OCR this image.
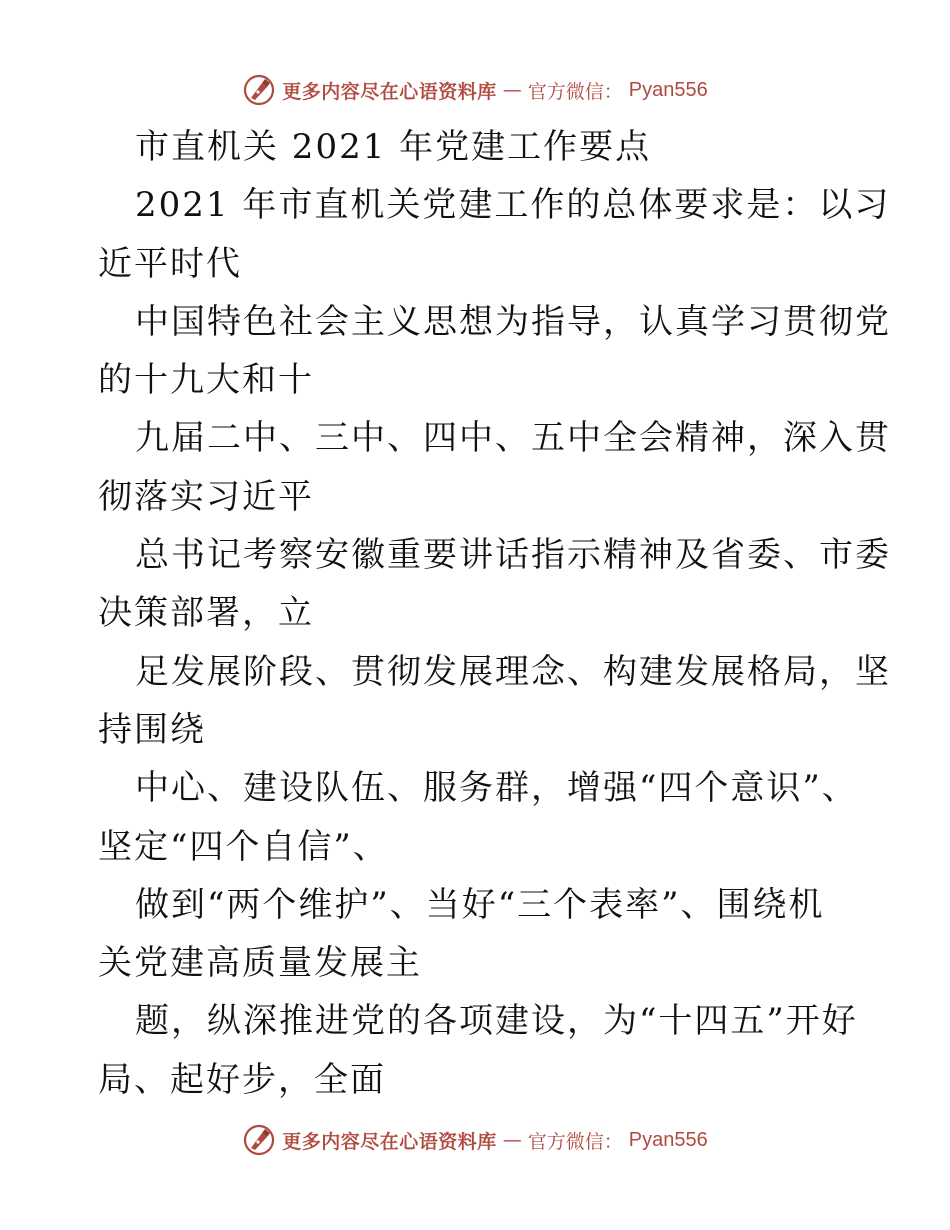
更多内容尽在心语资料库 — 官方微信： Pyan556
市直机关 2021 年党建工作要点
2021 年市直机关党建工作的总体要求是：以习
近平时代
中国特色社会主义思想为指导，认真学习贯彻党
的十九大和十
九届二中、三中、四中、五中全会精神，深入贯
彻落实习近平
总书记考察安徽重要讲话指示精神及省委、市委
决策部署，立
足发展阶段、贯彻发展理念、构建发展格局，坚
持围绕
中心、建设队伍、服务群，增强“四个意识”、
坚定“四个自信”、
做到“两个维护”、当好“三个表率”、围绕机
关党建高质量发展主
题，纵深推进党的各项建设，为“十四五”开好
局、起好步，全面
更多内容尽在心语资料库 — 官方微信： Pyan556
